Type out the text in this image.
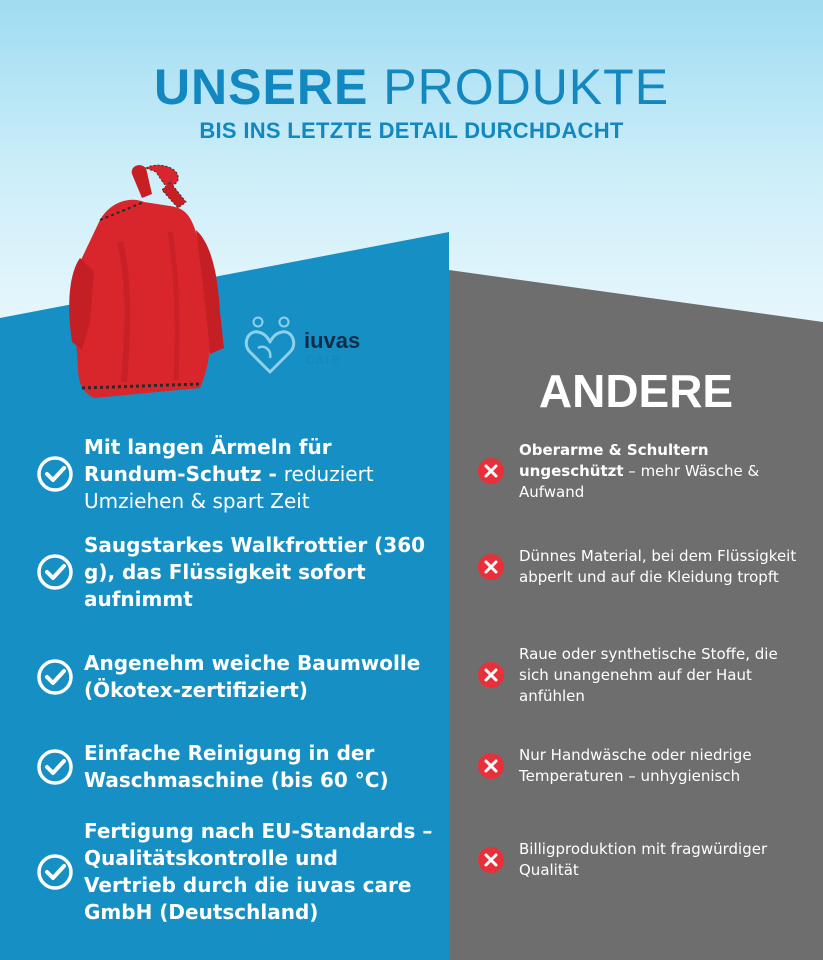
UNSERE PRODUKTE
BIS INS LETZTE DETAIL DURCHDACHT
iuvas
care
ANDERE
Mit langen Ärmeln für Rundum-Schutz - reduziert Umziehen & spart Zeit
Saugstarkes Walkfrottier (360 g), das Flüssigkeit sofort aufnimmt
Angenehm weiche Baumwolle (Ökotex-zertifiziert)
Einfache Reinigung in der Waschmaschine (bis 60 °C)
Fertigung nach EU-Standards – Qualitätskontrolle und Vertrieb durch die iuvas care GmbH (Deutschland)
Oberarme & Schultern ungeschützt – mehr Wäsche & Aufwand
Dünnes Material, bei dem Flüssigkeit abperlt und auf die Kleidung tropft
Raue oder synthetische Stoffe, die sich unangenehm auf der Haut anfühlen
Nur Handwäsche oder niedrige Temperaturen – unhygienisch
Billigproduktion mit fragwürdiger Qualität
